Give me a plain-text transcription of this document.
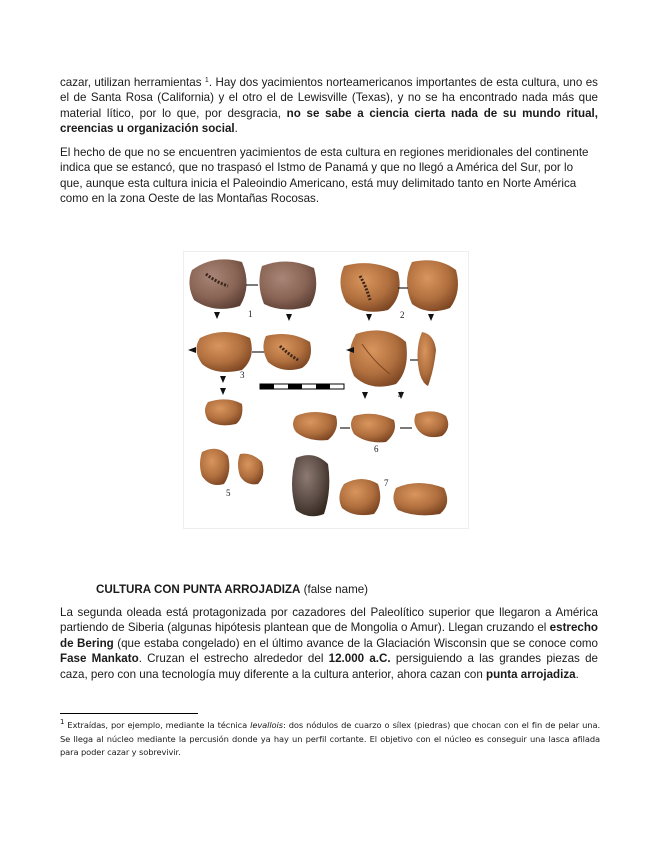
cazar, utilizan herramientas $^1$. Hay dos yacimientos norteamericanos importantes de esta cultura, uno es el de Santa Rosa (California) y el otro el de Lewisville (Texas), y no se ha encontrado nada más que material lítico, por lo que, por desgracia, no se sabe a ciencia cierta nada de su mundo ritual, creencias u organización social.

El hecho de que no se encuentren yacimientos de esta cultura en regiones meridionales del continente indica que se estancó, que no traspasó el Istmo de Panamá y que no llegó a América del Sur, por lo que, aunque esta cultura inicia el Paleoindio Americano, está muy delimitado tanto en Norte América como en la zona Oeste de las Montañas Rocosas.

1	2
3
4
5
6
7

CULTURA CON PUNTA ARROJADIZA (false name)

La segunda oleada está protagonizada por cazadores del Paleolítico superior que llegaron a América partiendo de Siberia (algunas hipótesis plantean que de Mongolia o Amur). Llegan cruzando el estrecho de Bering (que estaba congelado) en el último avance de la Glaciación Wisconsin que se conoce como Fase Mankato. Cruzan el estrecho alrededor del 12.000 a.C. persiguiendo a las grandes piezas de caza, pero con una tecnología muy diferente a la cultura anterior, ahora cazan con punta arrojadiza.

$^1$ Extraídas, por ejemplo, mediante la técnica levallois: dos nódulos de cuarzo o sílex (piedras) que chocan con el fin de pelar una. Se llega al núcleo mediante la percusión donde ya hay un perfil cortante. El objetivo con el núcleo es conseguir una lasca afilada para poder cazar y sobrevivir.
